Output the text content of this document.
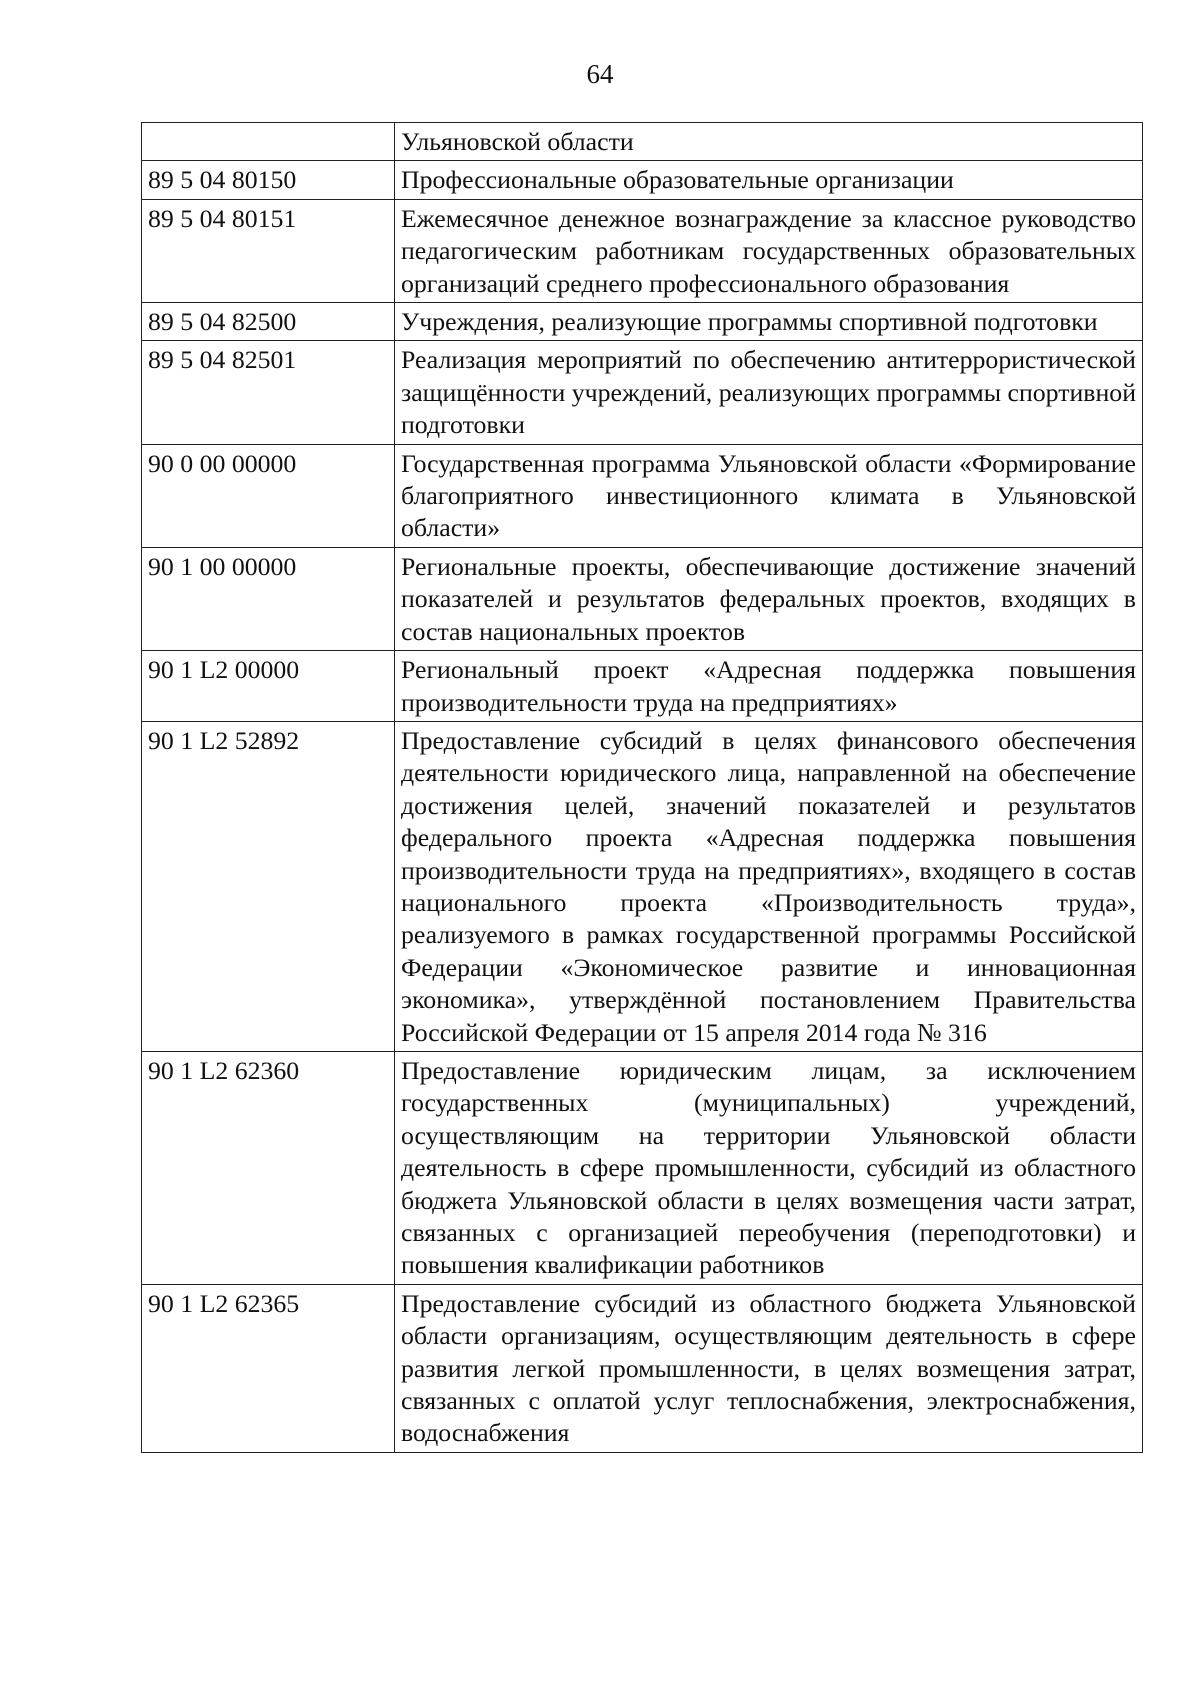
64
	Ульяновской области
89 5 04 80150	Профессиональные образовательные организации
89 5 04 80151	Ежемесячное денежное вознаграждение за классное руководство педагогическим работникам государственных образовательных организаций среднего профессионального образования
89 5 04 82500	Учреждения, реализующие программы спортивной подготовки
89 5 04 82501	Реализация мероприятий по обеспечению антитеррористической защищённости учреждений, реализующих программы спортивной подготовки
90 0 00 00000	Государственная программа Ульяновской области «Формирование благоприятного инвестиционного климата в Ульяновской области»
90 1 00 00000	Региональные проекты, обеспечивающие достижение значений показателей и результатов федеральных проектов, входящих в состав национальных проектов
90 1 L2 00000	Региональный проект «Адресная поддержка повышения производительности труда на предприятиях»
90 1 L2 52892	Предоставление субсидий в целях финансового обеспечения деятельности юридического лица, направленной на обеспечение достижения целей, значений показателей и результатов федерального проекта «Адресная поддержка повышения производительности труда на предприятиях», входящего в состав национального проекта «Производительность труда», реализуемого в рамках государственной программы Российской Федерации «Экономическое развитие и инновационная экономика», утверждённой постановлением Правительства Российской Федерации от 15 апреля 2014 года № 316
90 1 L2 62360	Предоставление юридическим лицам, за исключением государственных (муниципальных) учреждений, осуществляющим на территории Ульяновской области деятельность в сфере промышленности, субсидий из областного бюджета Ульяновской области в целях возмещения части затрат, связанных с организацией переобучения (переподготовки) и повышения квалификации работников
90 1 L2 62365	Предоставление субсидий из областного бюджета Ульяновской области организациям, осуществляющим деятельность в сфере развития легкой промышленности, в целях возмещения затрат, связанных с оплатой услуг теплоснабжения, электроснабжения, водоснабжения
